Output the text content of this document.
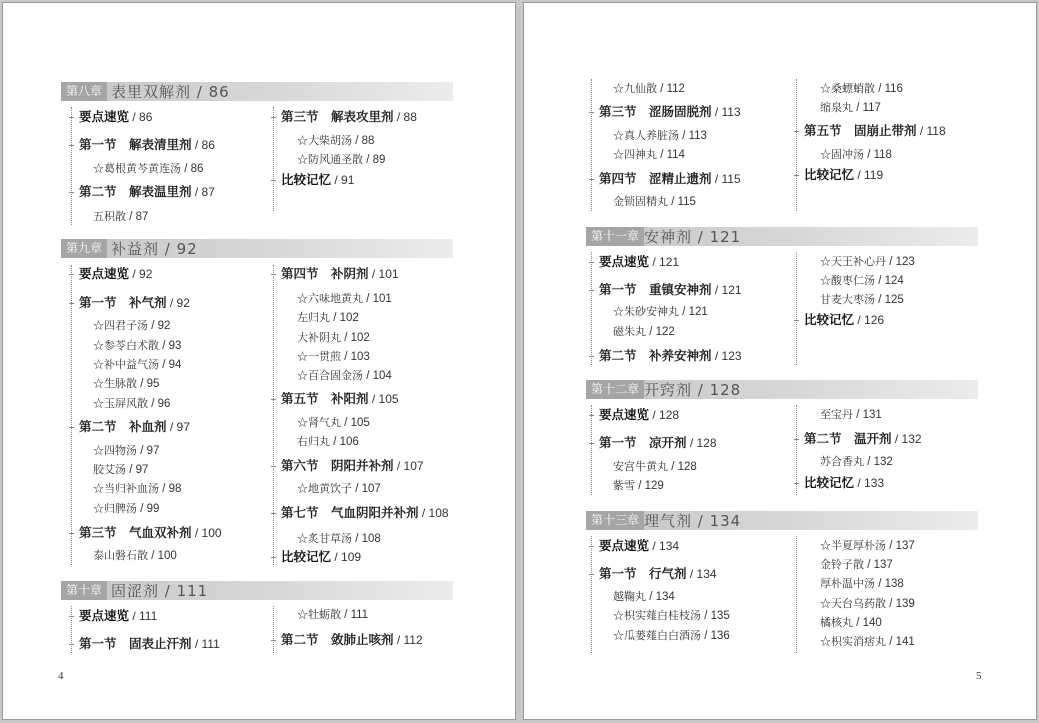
第八章 表里双解剂 / 86
要点速览 / 86
第一节　解表清里剂 / 86
☆葛根黄芩黄连汤 / 86
第二节　解表温里剂 / 87
五积散 / 87
第三节　解表攻里剂 / 88
☆大柴胡汤 / 88
☆防风通圣散 / 89
比较记忆 / 91
第九章 补益剂 / 92
要点速览 / 92
第一节　补气剂 / 92
☆四君子汤 / 92
☆参苓白术散 / 93
☆补中益气汤 / 94
☆生脉散 / 95
☆玉屏风散 / 96
第二节　补血剂 / 97
☆四物汤 / 97
胶艾汤 / 97
☆当归补血汤 / 98
☆归脾汤 / 99
第三节　气血双补剂 / 100
泰山磐石散 / 100
第四节　补阴剂 / 101
☆六味地黄丸 / 101
左归丸 / 102
大补阴丸 / 102
☆一贯煎 / 103
☆百合固金汤 / 104
第五节　补阳剂 / 105
☆肾气丸 / 105
右归丸 / 106
第六节　阴阳并补剂 / 107
☆地黄饮子 / 107
第七节　气血阴阳并补剂 / 108
☆炙甘草汤 / 108
比较记忆 / 109
第十章 固涩剂 / 111
要点速览 / 111
第一节　固表止汗剂 / 111
☆牡蛎散 / 111
第二节　敛肺止咳剂 / 112
4
☆九仙散 / 112
第三节　涩肠固脱剂 / 113
☆真人养脏汤 / 113
☆四神丸 / 114
第四节　涩精止遗剂 / 115
金锁固精丸 / 115
☆桑螵蛸散 / 116
缩泉丸 / 117
第五节　固崩止带剂 / 118
☆固冲汤 / 118
比较记忆 / 119
第十一章 安神剂 / 121
要点速览 / 121
第一节　重镇安神剂 / 121
☆朱砂安神丸 / 121
磁朱丸 / 122
第二节　补养安神剂 / 123
☆天王补心丹 / 123
☆酸枣仁汤 / 124
甘麦大枣汤 / 125
比较记忆 / 126
第十二章 开窍剂 / 128
要点速览 / 128
第一节　凉开剂 / 128
安宫牛黄丸 / 128
紫雪 / 129
至宝丹 / 131
第二节　温开剂 / 132
苏合香丸 / 132
比较记忆 / 133
第十三章 理气剂 / 134
要点速览 / 134
第一节　行气剂 / 134
越鞠丸 / 134
☆枳实薤白桂枝汤 / 135
☆瓜蒌薤白白酒汤 / 136
☆半夏厚朴汤 / 137
金铃子散 / 137
厚朴温中汤 / 138
☆天台乌药散 / 139
橘核丸 / 140
☆枳实消痞丸 / 141
5
